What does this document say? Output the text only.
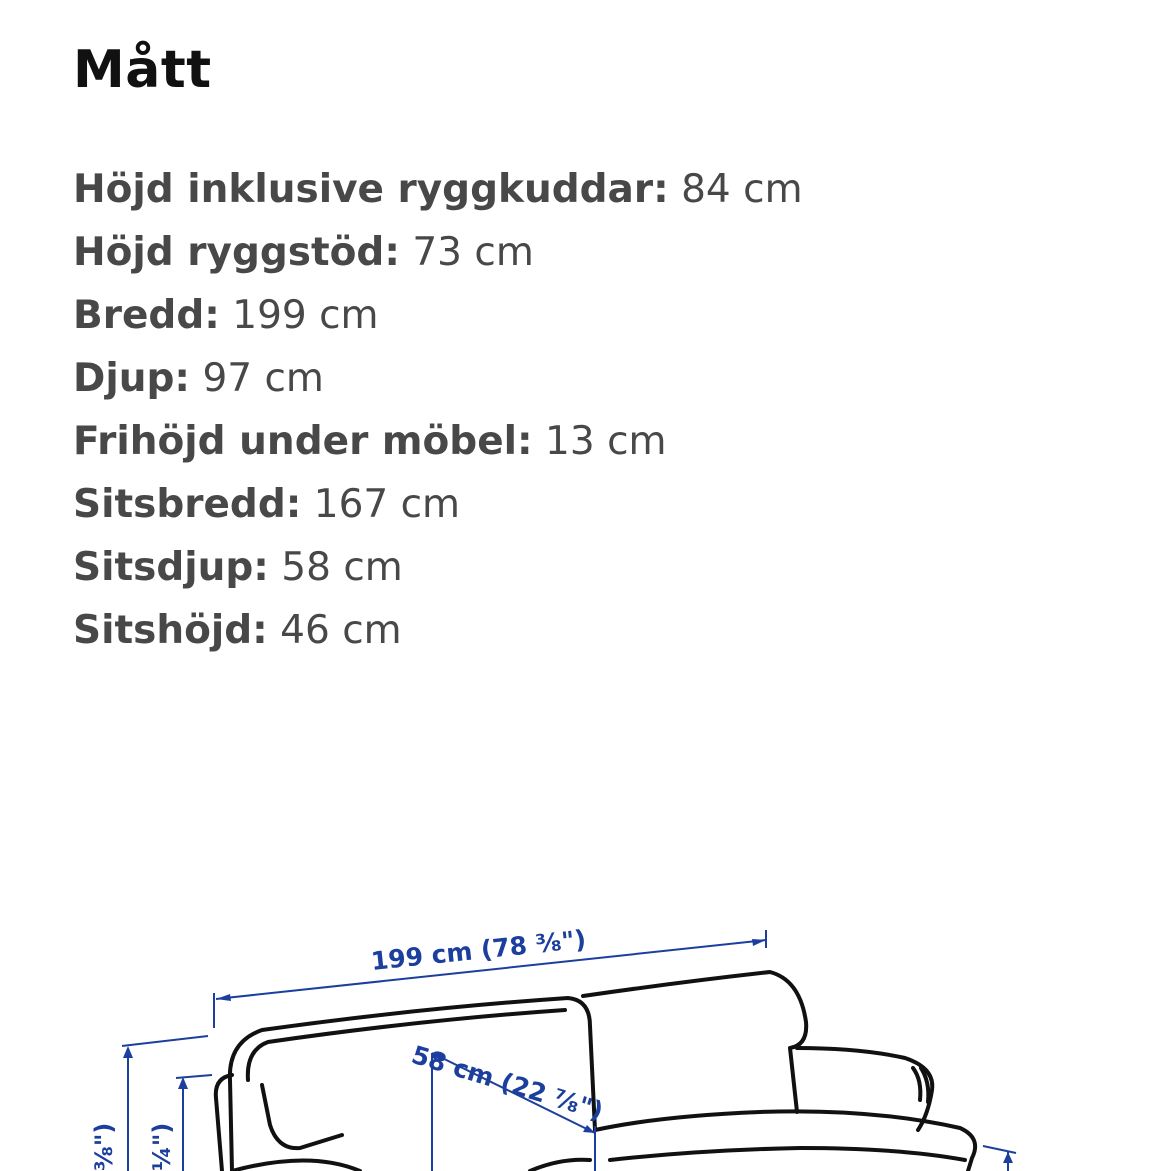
Mått
Höjd inklusive ryggkuddar: 84 cm
Höjd ryggstöd: 73 cm
Bredd: 199 cm
Djup: 97 cm
Frihöjd under möbel: 13 cm
Sitsbredd: 167 cm
Sitsdjup: 58 cm
Sitshöjd: 46 cm
199 cm (78 ³⁄₈")
58 cm (22 ⁷⁄₈")
⅜") ¼")
